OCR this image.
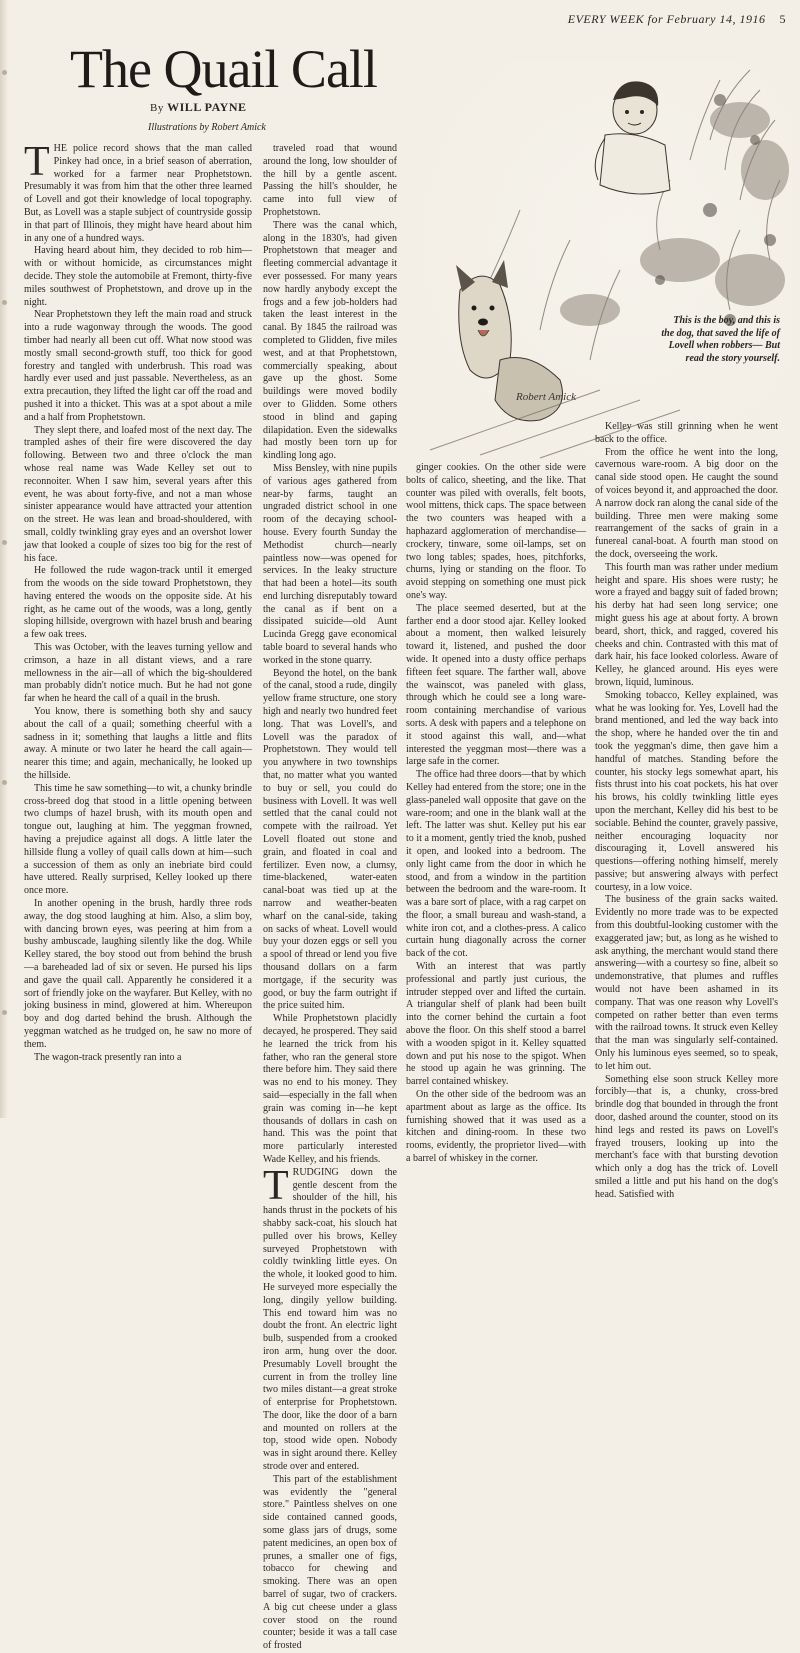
EVERY WEEK for February 14, 1916 5
The Quail Call
By WILL PAYNE
Illustrations by Robert Amick
Robert Amick
This is the boy, and this is the dog, that saved the life of Lovell when robbers— But read the story yourself.

THE police record shows that the man called Pinkey had once, in a brief season of aberration, worked for a farmer near Prophetstown. Presumably it was from him that the other three learned of Lovell and got their knowledge of local topography. But, as Lovell was a staple subject of countryside gossip in that part of Illinois, they might have heard about him in any one of a hundred ways.

Having heard about him, they decided to rob him—with or without homicide, as circumstances might decide. They stole the automobile at Fremont, thirty-five miles southwest of Prophetstown, and drove up in the night.

Near Prophetstown they left the main road and struck into a rude wagonway through the woods. The good timber had nearly all been cut off. What now stood was mostly small second-growth stuff, too thick for good forestry and tangled with underbrush. This road was hardly ever used and just passable. Nevertheless, as an extra precaution, they lifted the light car off the road and pushed it into a thicket. This was at a spot about a mile and a half from Prophetstown.

They slept there, and loafed most of the next day. The trampled ashes of their fire were discovered the day following. Between two and three o'clock the man whose real name was Wade Kelley set out to reconnoiter. When I saw him, several years after this event, he was about forty-five, and not a man whose sinister appearance would have attracted your attention on the street. He was lean and broad-shouldered, with small, coldly twinkling gray eyes and an overshot lower jaw that looked a couple of sizes too big for the rest of his face.

He followed the rude wagon-track until it emerged from the woods on the side toward Prophetstown, they having entered the woods on the opposite side. At his right, as he came out of the woods, was a long, gently sloping hillside, overgrown with hazel brush and bearing a few oak trees.

This was October, with the leaves turning yellow and crimson, a haze in all distant views, and a rare mellowness in the air—all of which the big-shouldered man probably didn't notice much. But he had not gone far when he heard the call of a quail in the brush.

You know, there is something both shy and saucy about the call of a quail; something cheerful with a sadness in it; something that laughs a little and flits away. A minute or two later he heard the call again—nearer this time; and again, mechanically, he looked up the hillside.

This time he saw something—to wit, a chunky brindle cross-breed dog that stood in a little opening between two clumps of hazel brush, with its mouth open and tongue out, laughing at him. The yeggman frowned, having a prejudice against all dogs. A little later the hillside flung a volley of quail calls down at him—such a succession of them as only an inebriate bird could have uttered. Really surprised, Kelley looked up there once more.

In another opening in the brush, hardly three rods away, the dog stood laughing at him. Also, a slim boy, with dancing brown eyes, was peering at him from a bushy ambuscade, laughing silently like the dog. While Kelley stared, the boy stood out from behind the brush—a bareheaded lad of six or seven. He pursed his lips and gave the quail call. Apparently he considered it a sort of friendly joke on the wayfarer. But Kelley, with no joking business in mind, glowered at him. Whereupon boy and dog darted behind the brush. Although the yeggman watched as he trudged on, he saw no more of them.

The wagon-track presently ran into a

traveled road that wound around the long, low shoulder of the hill by a gentle ascent. Passing the hill's shoulder, he came into full view of Prophetstown.

There was the canal which, along in the 1830's, had given Prophetstown that meager and fleeting commercial advantage it ever possessed. For many years now hardly anybody except the frogs and a few job-holders had taken the least interest in the canal. By 1845 the railroad was completed to Glidden, five miles west, and at that Prophetstown, commercially speaking, about gave up the ghost. Some buildings were moved bodily over to Glidden. Some others stood in blind and gaping dilapidation. Even the sidewalks had mostly been torn up for kindling long ago.

Miss Bensley, with nine pupils of various ages gathered from near-by farms, taught an ungraded district school in one room of the decaying school-house. Every fourth Sunday the Methodist church—nearly paintless now—was opened for services. In the leaky structure that had been a hotel—its south end lurching disreputably toward the canal as if bent on a dissipated suicide—old Aunt Lucinda Gregg gave economical table board to several hands who worked in the stone quarry.

Beyond the hotel, on the bank of the canal, stood a rude, dingily yellow frame structure, one story high and nearly two hundred feet long. That was Lovell's, and Lovell was the paradox of Prophetstown. They would tell you anywhere in two townships that, no matter what you wanted to buy or sell, you could do business with Lovell. It was well settled that the canal could not compete with the railroad. Yet Lovell floated out stone and grain, and floated in coal and fertilizer. Even now, a clumsy, time-blackened, water-eaten canal-boat was tied up at the narrow and weather-beaten wharf on the canal-side, taking on sacks of wheat. Lovell would buy your dozen eggs or sell you a spool of thread or lend you five thousand dollars on a farm mortgage, if the security was good, or buy the farm outright if the price suited him.

While Prophetstown placidly decayed, he prospered. They said he learned the trick from his father, who ran the general store there before him. They said there was no end to his money. They said—especially in the fall when grain was coming in—he kept thousands of dollars in cash on hand. This was the point that more particularly interested Wade Kelley, and his friends.

TRUDGING down the gentle descent from the shoulder of the hill, his hands thrust in the pockets of his shabby sack-coat, his slouch hat pulled over his brows, Kelley surveyed Prophetstown with coldly twinkling little eyes. On the whole, it looked good to him. He surveyed more especially the long, dingily yellow building. This end toward him was no doubt the front. An electric light bulb, suspended from a crooked iron arm, hung over the door. Presumably Lovell brought the current in from the trolley line two miles distant—a great stroke of enterprise for Prophetstown. The door, like the door of a barn and mounted on rollers at the top, stood wide open. Nobody was in sight around there. Kelley strode over and entered.

This part of the establishment was evidently the "general store." Paintless shelves on one side contained canned goods, some glass jars of drugs, some patent medicines, an open box of prunes, a smaller one of figs, tobacco for chewing and smoking. There was an open barrel of sugar, two of crackers. A big cut cheese under a glass cover stood on the round counter; beside it was a tall case of frosted

ginger cookies. On the other side were bolts of calico, sheeting, and the like. That counter was piled with overalls, felt boots, wool mittens, thick caps. The space between the two counters was heaped with a haphazard agglomeration of merchandise—crockery, tinware, some oil-lamps, set on two long tables; spades, hoes, pitchforks, churns, lying or standing on the floor. To avoid stepping on something one must pick one's way.

The place seemed deserted, but at the farther end a door stood ajar. Kelley looked about a moment, then walked leisurely toward it, listened, and pushed the door wide. It opened into a dusty office perhaps fifteen feet square. The farther wall, above the wainscot, was paneled with glass, through which he could see a long ware-room containing merchandise of various sorts. A desk with papers and a telephone on it stood against this wall, and—what interested the yeggman most—there was a large safe in the corner.

The office had three doors—that by which Kelley had entered from the store; one in the glass-paneled wall opposite that gave on the ware-room; and one in the blank wall at the left. The latter was shut. Kelley put his ear to it a moment, gently tried the knob, pushed it open, and looked into a bedroom. The only light came from the door in which he stood, and from a window in the partition between the bedroom and the ware-room. It was a bare sort of place, with a rag carpet on the floor, a small bureau and wash-stand, a white iron cot, and a clothes-press. A calico curtain hung diagonally across the corner back of the cot.

With an interest that was partly professional and partly just curious, the intruder stepped over and lifted the curtain. A triangular shelf of plank had been built into the corner behind the curtain a foot above the floor. On this shelf stood a barrel with a wooden spigot in it. Kelley squatted down and put his nose to the spigot. When he stood up again he was grinning. The barrel contained whiskey.

On the other side of the bedroom was an apartment about as large as the office. Its furnishing showed that it was used as a kitchen and dining-room. In these two rooms, evidently, the proprietor lived—with a barrel of whiskey in the corner.

Kelley was still grinning when he went back to the office.

From the office he went into the long, cavernous ware-room. A big door on the canal side stood open. He caught the sound of voices beyond it, and approached the door. A narrow dock ran along the canal side of the building. Three men were making some rearrangement of the sacks of grain in a funereal canal-boat. A fourth man stood on the dock, overseeing the work.

This fourth man was rather under medium height and spare. His shoes were rusty; he wore a frayed and baggy suit of faded brown; his derby hat had seen long service; one might guess his age at about forty. A brown beard, short, thick, and ragged, covered his cheeks and chin. Contrasted with this mat of dark hair, his face looked colorless. Aware of Kelley, he glanced around. His eyes were brown, liquid, luminous.

Smoking tobacco, Kelley explained, was what he was looking for. Yes, Lovell had the brand mentioned, and led the way back into the shop, where he handed over the tin and took the yeggman's dime, then gave him a handful of matches. Standing before the counter, his stocky legs somewhat apart, his fists thrust into his coat pockets, his hat over his brows, his coldly twinkling little eyes upon the merchant, Kelley did his best to be sociable. Behind the counter, gravely passive, neither encouraging loquacity nor discouraging it, Lovell answered his questions—offering nothing himself, merely passive; but answering always with perfect courtesy, in a low voice.

The business of the grain sacks waited. Evidently no more trade was to be expected from this doubtful-looking customer with the exaggerated jaw; but, as long as he wished to ask anything, the merchant would stand there answering—with a courtesy so fine, albeit so undemonstrative, that plumes and ruffles would not have been ashamed in its company. That was one reason why Lovell's competed on rather better than even terms with the railroad towns. It struck even Kelley that the man was singularly self-contained. Only his luminous eyes seemed, so to speak, to let him out.

Something else soon struck Kelley more forcibly—that is, a chunky, cross-bred brindle dog that bounded in through the front door, dashed around the counter, stood on its hind legs and rested its paws on Lovell's frayed trousers, looking up into the merchant's face with that bursting devotion which only a dog has the trick of. Lovell smiled a little and put his hand on the dog's head. Satisfied with
